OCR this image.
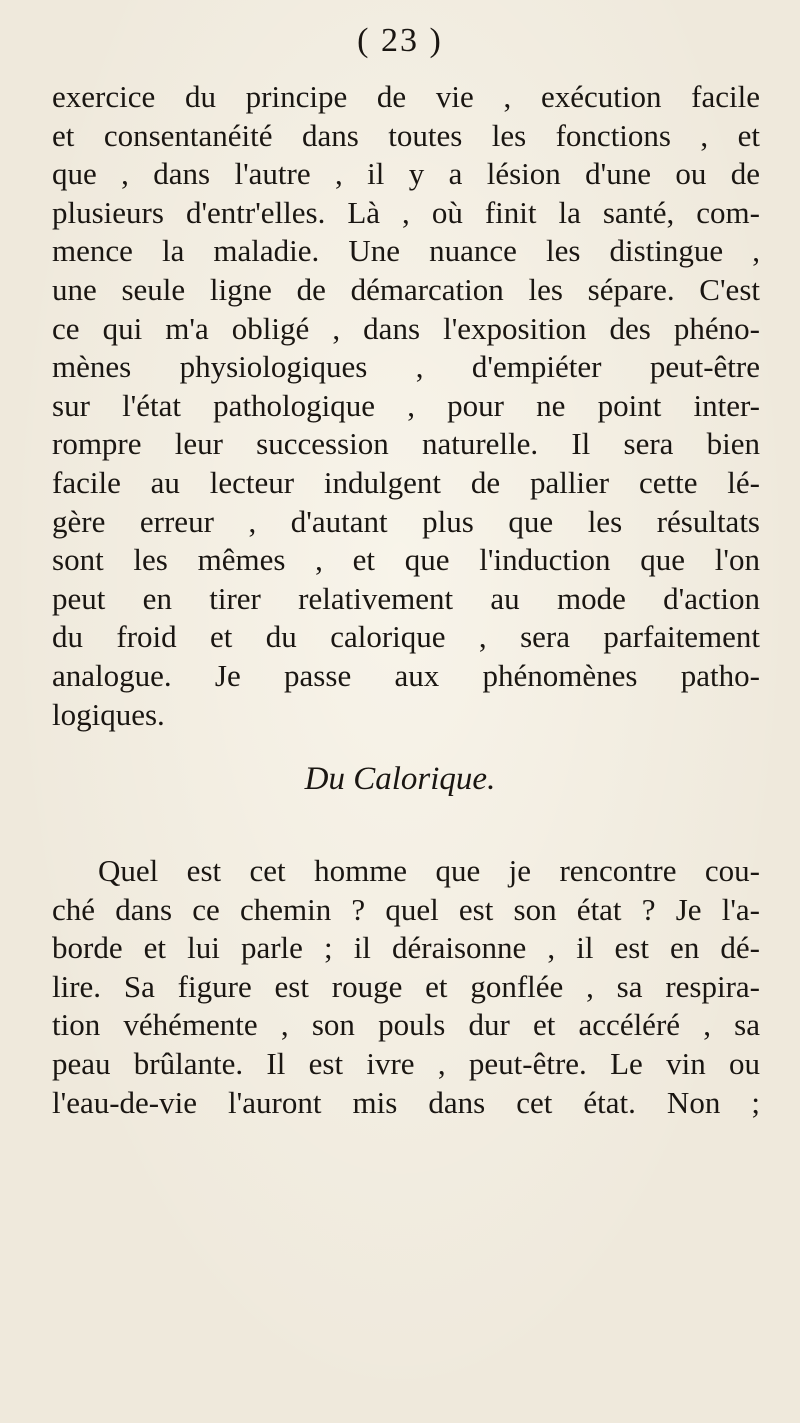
( 23 )
exercice du principe de vie , exécution facile
et consentanéité dans toutes les fonctions , et
que , dans l'autre , il y a lésion d'une ou de
plusieurs d'entr'elles. Là , où finit la santé, com-
mence la maladie. Une nuance les distingue ,
une seule ligne de démarcation les sépare. C'est
ce qui m'a obligé , dans l'exposition des phéno-
mènes physiologiques , d'empiéter peut-être
sur l'état pathologique , pour ne point inter-
rompre leur succession naturelle. Il sera bien
facile au lecteur indulgent de pallier cette lé-
gère erreur , d'autant plus que les résultats
sont les mêmes , et que l'induction que l'on
peut en tirer relativement au mode d'action
du froid et du calorique , sera parfaitement
analogue. Je passe aux phénomènes patho-
logiques.
Du Calorique.
Quel est cet homme que je rencontre cou-
ché dans ce chemin ? quel est son état ? Je l'a-
borde et lui parle ; il déraisonne , il est en dé-
lire. Sa figure est rouge et gonflée , sa respira-
tion véhémente , son pouls dur et accéléré , sa
peau brûlante. Il est ivre , peut-être. Le vin ou
l'eau-de-vie l'auront mis dans cet état. Non ;
